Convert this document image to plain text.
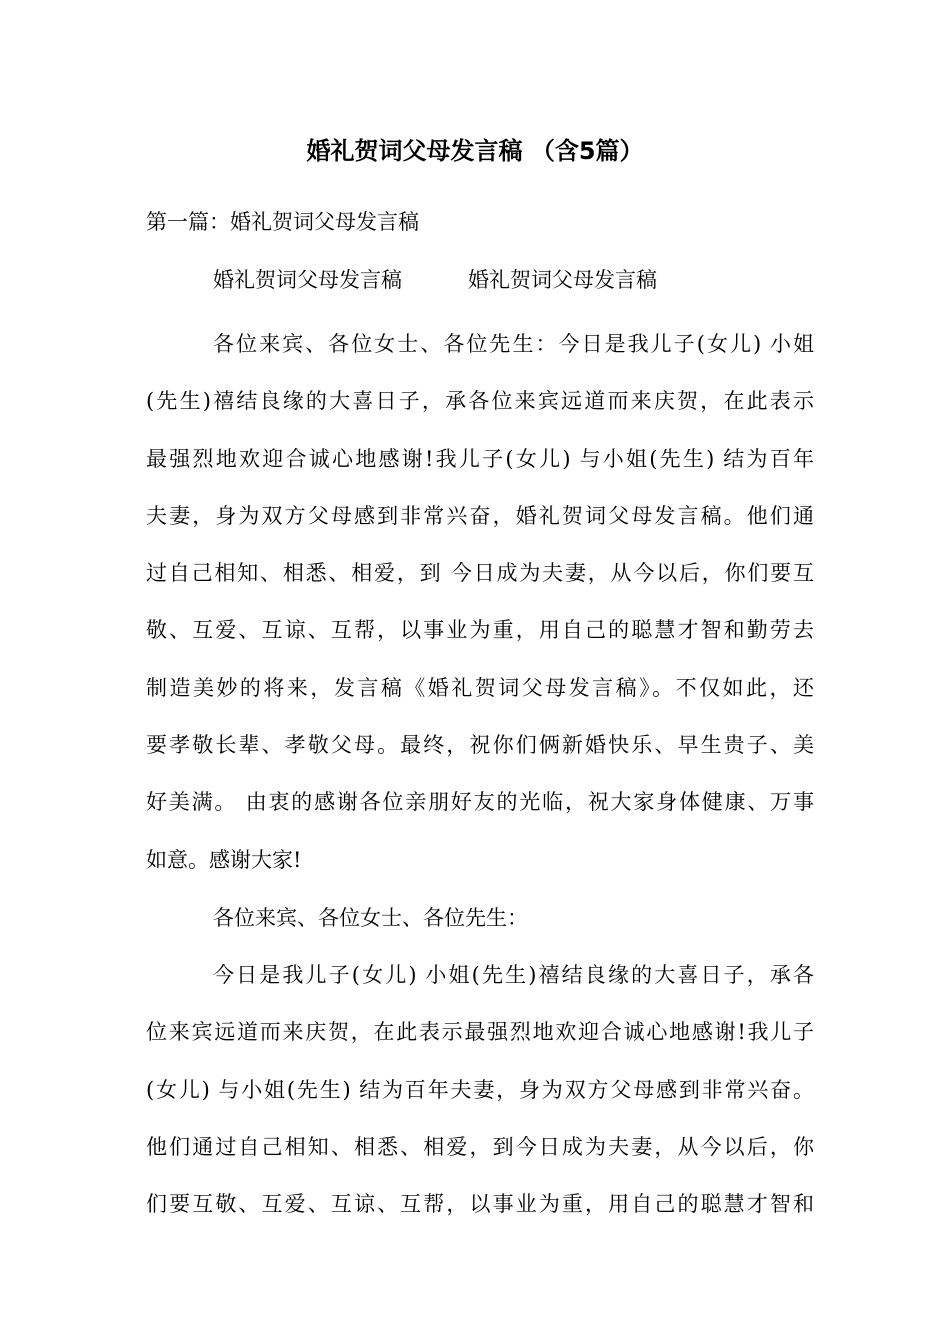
婚礼贺词父母发言稿 （含5篇）

第一篇：婚礼贺词父母发言稿

婚礼贺词父母发言稿	婚礼贺词父母发言稿

各位来宾、各位女士、各位先生：今日是我儿子(女儿) 小姐
(先生)禧结良缘的大喜日子，承各位来宾远道而来庆贺，在此表示
最强烈地欢迎合诚心地感谢!我儿子(女儿) 与小姐(先生) 结为百年
夫妻，身为双方父母感到非常兴奋，婚礼贺词父母发言稿。他们通
过自己相知、相悉、相爱，到 今日成为夫妻，从今以后，你们要互
敬、互爱、互谅、互帮，以事业为重，用自己的聪慧才智和勤劳去
制造美妙的将来，发言稿《婚礼贺词父母发言稿》。不仅如此，还
要孝敬长辈、孝敬父母。最终，祝你们俩新婚快乐、早生贵子、美
好美满。 由衷的感谢各位亲朋好友的光临，祝大家身体健康、万事
如意。感谢大家!

各位来宾、各位女士、各位先生：

今日是我儿子(女儿) 小姐(先生)禧结良缘的大喜日子，承各
位来宾远道而来庆贺，在此表示最强烈地欢迎合诚心地感谢!我儿子
(女儿) 与小姐(先生) 结为百年夫妻，身为双方父母感到非常兴奋。
他们通过自己相知、相悉、相爱，到今日成为夫妻，从今以后，你
们要互敬、互爱、互谅、互帮，以事业为重，用自己的聪慧才智和
